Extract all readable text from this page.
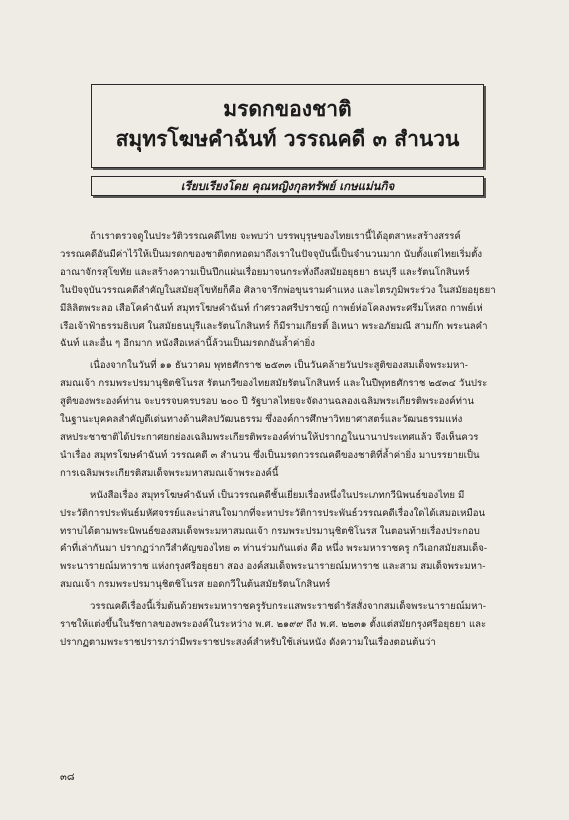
มรดกของชาติ
สมุทรโฆษคำฉันท์ วรรณคดี ๓ สำนวน
เรียบเรียงโดย คุณหญิงกุลทรัพย์ เกษแม่นกิจ
ถ้าเราตรวจดูในประวัติวรรณคดีไทย จะพบว่า บรรพบุรุษของไทยเรานี้ได้อุตสาหะสร้างสรรค์
วรรณคดีอันมีค่าไว้ให้เป็นมรดกของชาติตกทอดมาถึงเราในปัจจุบันนี้เป็นจำนวนมาก นับตั้งแต่ไทยเริ่มตั้ง
อาณาจักรสุโขทัย และสร้างความเป็นปึกแผ่นเรื่อยมาจนกระทั่งถึงสมัยอยุธยา ธนบุรี และรัตนโกสินทร์
ในปัจจุบันวรรณคดีสำคัญในสมัยสุโขทัยก็คือ ศิลาจารึกพ่อขุนรามคำแหง และไตรภูมิพระร่วง ในสมัยอยุธยา
มีลิลิตพระลอ เสือโคคำฉันท์ สมุทรโฆษคำฉันท์ กำศรวลศรีปราชญ์ กาพย์ห่อโคลงพระศรีมโหสถ กาพย์เห่
เรือเจ้าฟ้าธรรมธิเบศ ในสมัยธนบุรีและรัตนโกสินทร์ ก็มีรามเกียรติ์ อิเหนา พระอภัยมณี สามก๊ก พระนลคำ
ฉันท์ และอื่น ๆ อีกมาก หนังสือเหล่านี้ล้วนเป็นมรดกอันล้ำค่ายิ่ง
เนื่องจากในวันที่ ๑๑ ธันวาคม พุทธศักราช ๒๕๓๓ เป็นวันคล้ายวันประสูติของสมเด็จพระมหา-
สมณเจ้า กรมพระปรมานุชิตชิโนรส รัตนกวีของไทยสมัยรัตนโกสินทร์ และในปีพุทธศักราช ๒๕๓๔ วันประ
สูติของพระองค์ท่าน จะบรรจบครบรอบ ๒๐๐ ปี รัฐบาลไทยจะจัดงานฉลองเฉลิมพระเกียรติพระองค์ท่าน
ในฐานะบุคคลสำคัญดีเด่นทางด้านศิลปวัฒนธรรม ซึ่งองค์การศึกษาวิทยาศาสตร์และวัฒนธรรมแห่ง
สหประชาชาติได้ประกาศยกย่องเฉลิมพระเกียรติพระองค์ท่านให้ปรากฏในนานาประเทศแล้ว จึงเห็นควร
นำเรื่อง สมุทรโฆษคำฉันท์ วรรณคดี ๓ สำนวน ซึ่งเป็นมรดกวรรณคดีของชาติที่ล้ำค่ายิ่ง มาบรรยายเป็น
การเฉลิมพระเกียรติสมเด็จพระมหาสมณเจ้าพระองค์นี้
หนังสือเรื่อง สมุทรโฆษคำฉันท์ เป็นวรรณคดีชั้นเยี่ยมเรื่องหนึ่งในประเภทกวีนิพนธ์ของไทย มี
ประวัติการประพันธ์มหัศจรรย์และน่าสนใจมากที่จะหาประวัติการประพันธ์วรรณคดีเรื่องใดได้เสมอเหมือน
ทราบได้ตามพระนิพนธ์ของสมเด็จพระมหาสมณเจ้า กรมพระปรมานุชิตชิโนรส ในตอนท้ายเรื่องประกอบ
คำที่เล่ากันมา ปรากฏว่ากวีสำคัญของไทย ๓ ท่านร่วมกันแต่ง คือ หนึ่ง พระมหาราชครู กวีเอกสมัยสมเด็จ-
พระนารายณ์มหาราช แห่งกรุงศรีอยุธยา สอง องค์สมเด็จพระนารายณ์มหาราช และสาม สมเด็จพระมหา-
สมณเจ้า กรมพระปรมานุชิตชิโนรส ยอดกวีในต้นสมัยรัตนโกสินทร์
วรรณคดีเรื่องนี้เริ่มต้นด้วยพระมหาราชครูรับกระแสพระราชดำรัสสั่งจากสมเด็จพระนารายณ์มหา-
ราชให้แต่งขึ้นในรัชกาลของพระองค์ในระหว่าง พ.ศ. ๒๑๙๙ ถึง พ.ศ. ๒๒๓๑ ตั้งแต่สมัยกรุงศรีอยุธยา และ
ปรากฏตามพระราชปรารภว่ามีพระราชประสงค์สำหรับใช้เล่นหนัง ดังความในเรื่องตอนต้นว่า
๓๘
